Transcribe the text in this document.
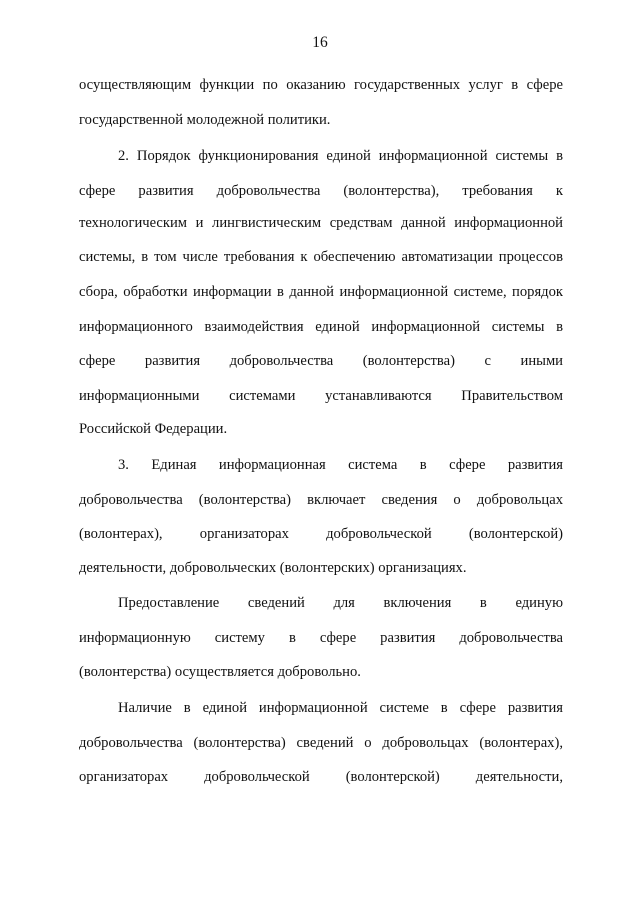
16
осуществляющим функции по оказанию государственных услуг в сфере
государственной молодежной политики.
2. Порядок функционирования единой информационной системы в
сфере развития добровольчества (волонтерства), требования к
технологическим и лингвистическим средствам данной информационной
системы, в том числе требования к обеспечению автоматизации процессов
сбора, обработки информации в данной информационной системе, порядок
информационного взаимодействия единой информационной системы в
сфере развития добровольчества (волонтерства) с иными
информационными системами устанавливаются Правительством
Российской Федерации.
3. Единая информационная система в сфере развития
добровольчества (волонтерства) включает сведения о добровольцах
(волонтерах), организаторах добровольческой (волонтерской)
деятельности, добровольческих (волонтерских) организациях.
Предоставление сведений для включения в единую
информационную систему в сфере развития добровольчества
(волонтерства) осуществляется добровольно.
Наличие в единой информационной системе в сфере развития
добровольчества (волонтерства) сведений о добровольцах (волонтерах),
организаторах добровольческой (волонтерской) деятельности,
